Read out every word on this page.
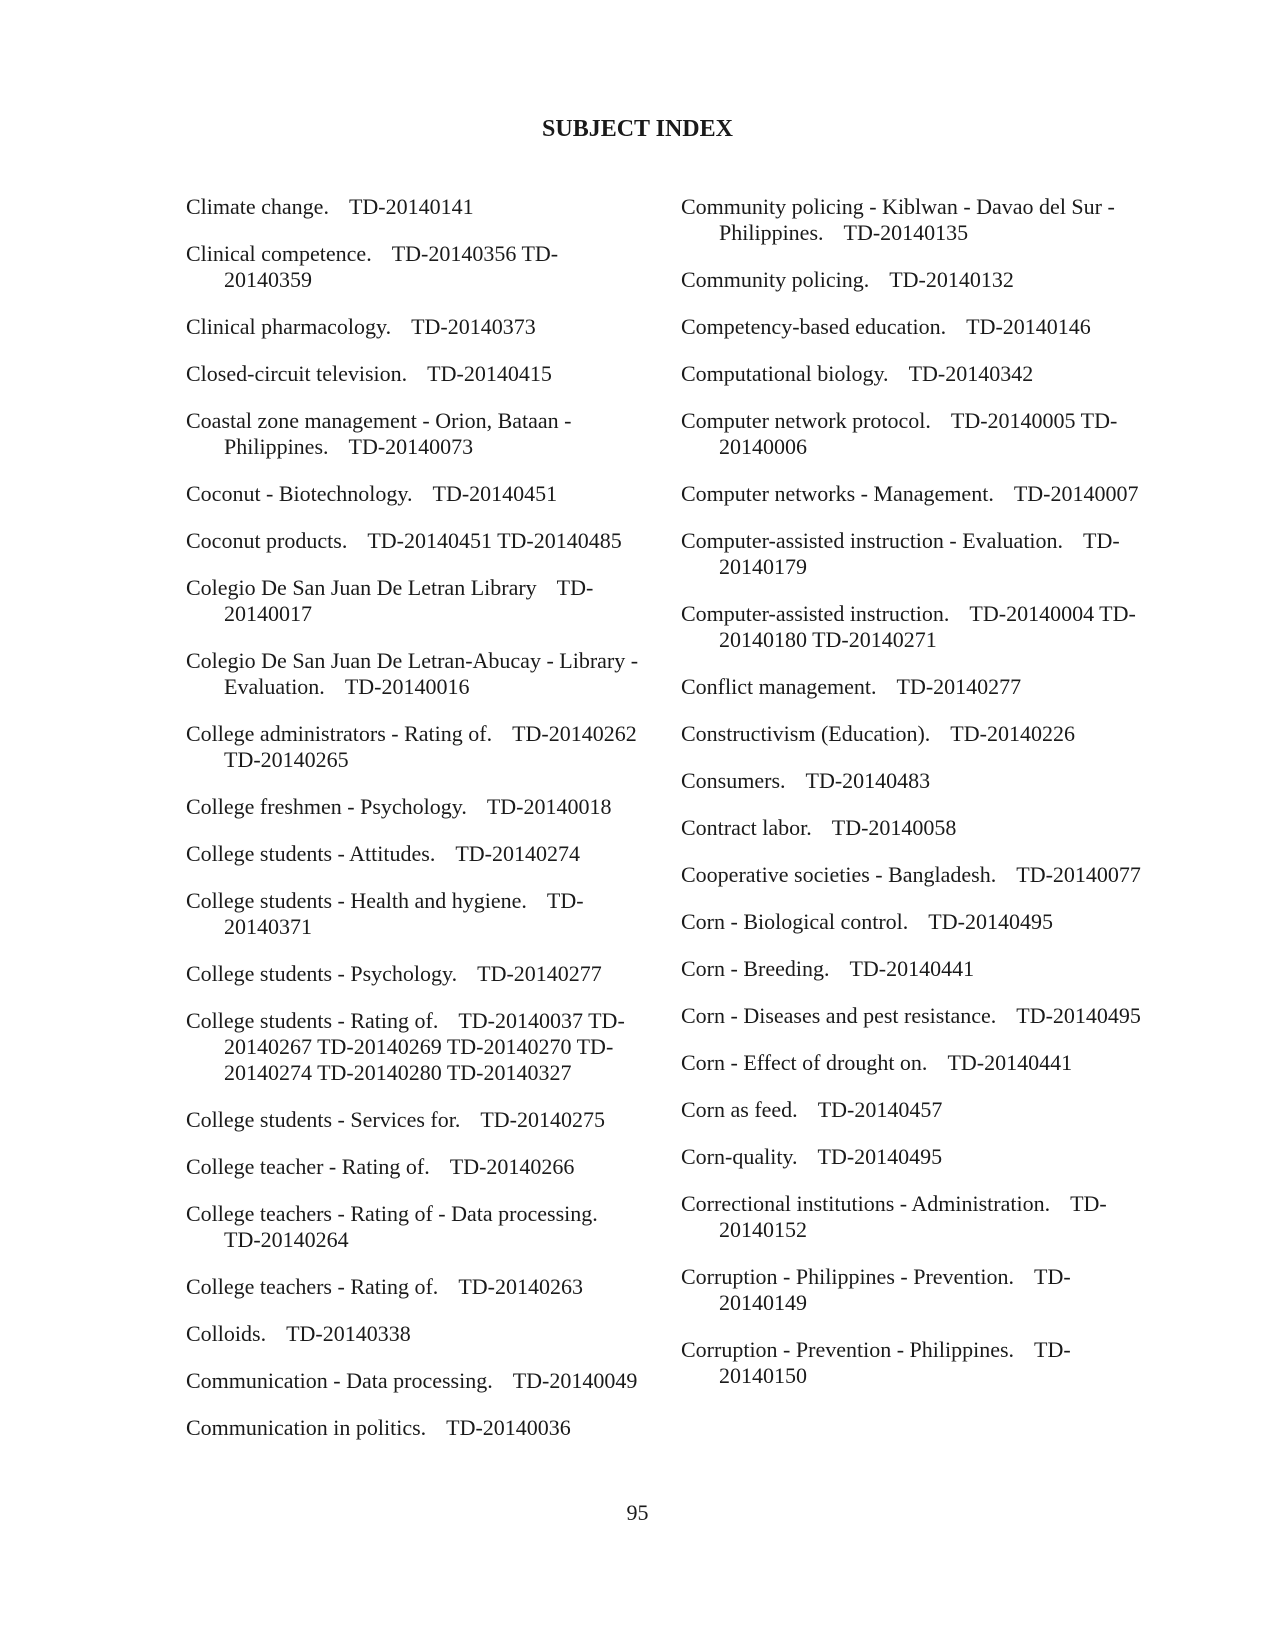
SUBJECT INDEX

Climate change. TD-20140141

Clinical competence. TD-20140356 TD-20140359

Clinical pharmacology. TD-20140373

Closed-circuit television. TD-20140415

Coastal zone management - Orion, Bataan - Philippines. TD-20140073

Coconut - Biotechnology. TD-20140451

Coconut products. TD-20140451 TD-20140485

Colegio De San Juan De Letran Library TD-20140017

Colegio De San Juan De Letran-Abucay - Library - Evaluation. TD-20140016

College administrators - Rating of. TD-20140262 TD-20140265

College freshmen - Psychology. TD-20140018

College students - Attitudes. TD-20140274

College students - Health and hygiene. TD-20140371

College students - Psychology. TD-20140277

College students - Rating of. TD-20140037 TD-20140267 TD-20140269 TD-20140270 TD-20140274 TD-20140280 TD-20140327

College students - Services for. TD-20140275

College teacher - Rating of. TD-20140266

College teachers - Rating of - Data processing.TD-20140264

College teachers - Rating of. TD-20140263

Colloids. TD-20140338

Communication - Data processing. TD-20140049

Communication in politics. TD-20140036

Community policing - Kiblwan - Davao del Sur - Philippines. TD-20140135

Community policing. TD-20140132

Competency-based education. TD-20140146

Computational biology. TD-20140342

Computer network protocol. TD-20140005 TD-20140006

Computer networks - Management. TD-20140007

Computer-assisted instruction - Evaluation. TD-20140179

Computer-assisted instruction. TD-20140004 TD-20140180 TD-20140271

Conflict management. TD-20140277

Constructivism (Education). TD-20140226

Consumers. TD-20140483

Contract labor. TD-20140058

Cooperative societies - Bangladesh. TD-20140077

Corn - Biological control. TD-20140495

Corn - Breeding. TD-20140441

Corn - Diseases and pest resistance. TD-20140495

Corn - Effect of drought on. TD-20140441

Corn as feed. TD-20140457

Corn-quality. TD-20140495

Correctional institutions - Administration. TD-20140152

Corruption - Philippines - Prevention. TD-20140149

Corruption - Prevention - Philippines. TD-20140150

95
